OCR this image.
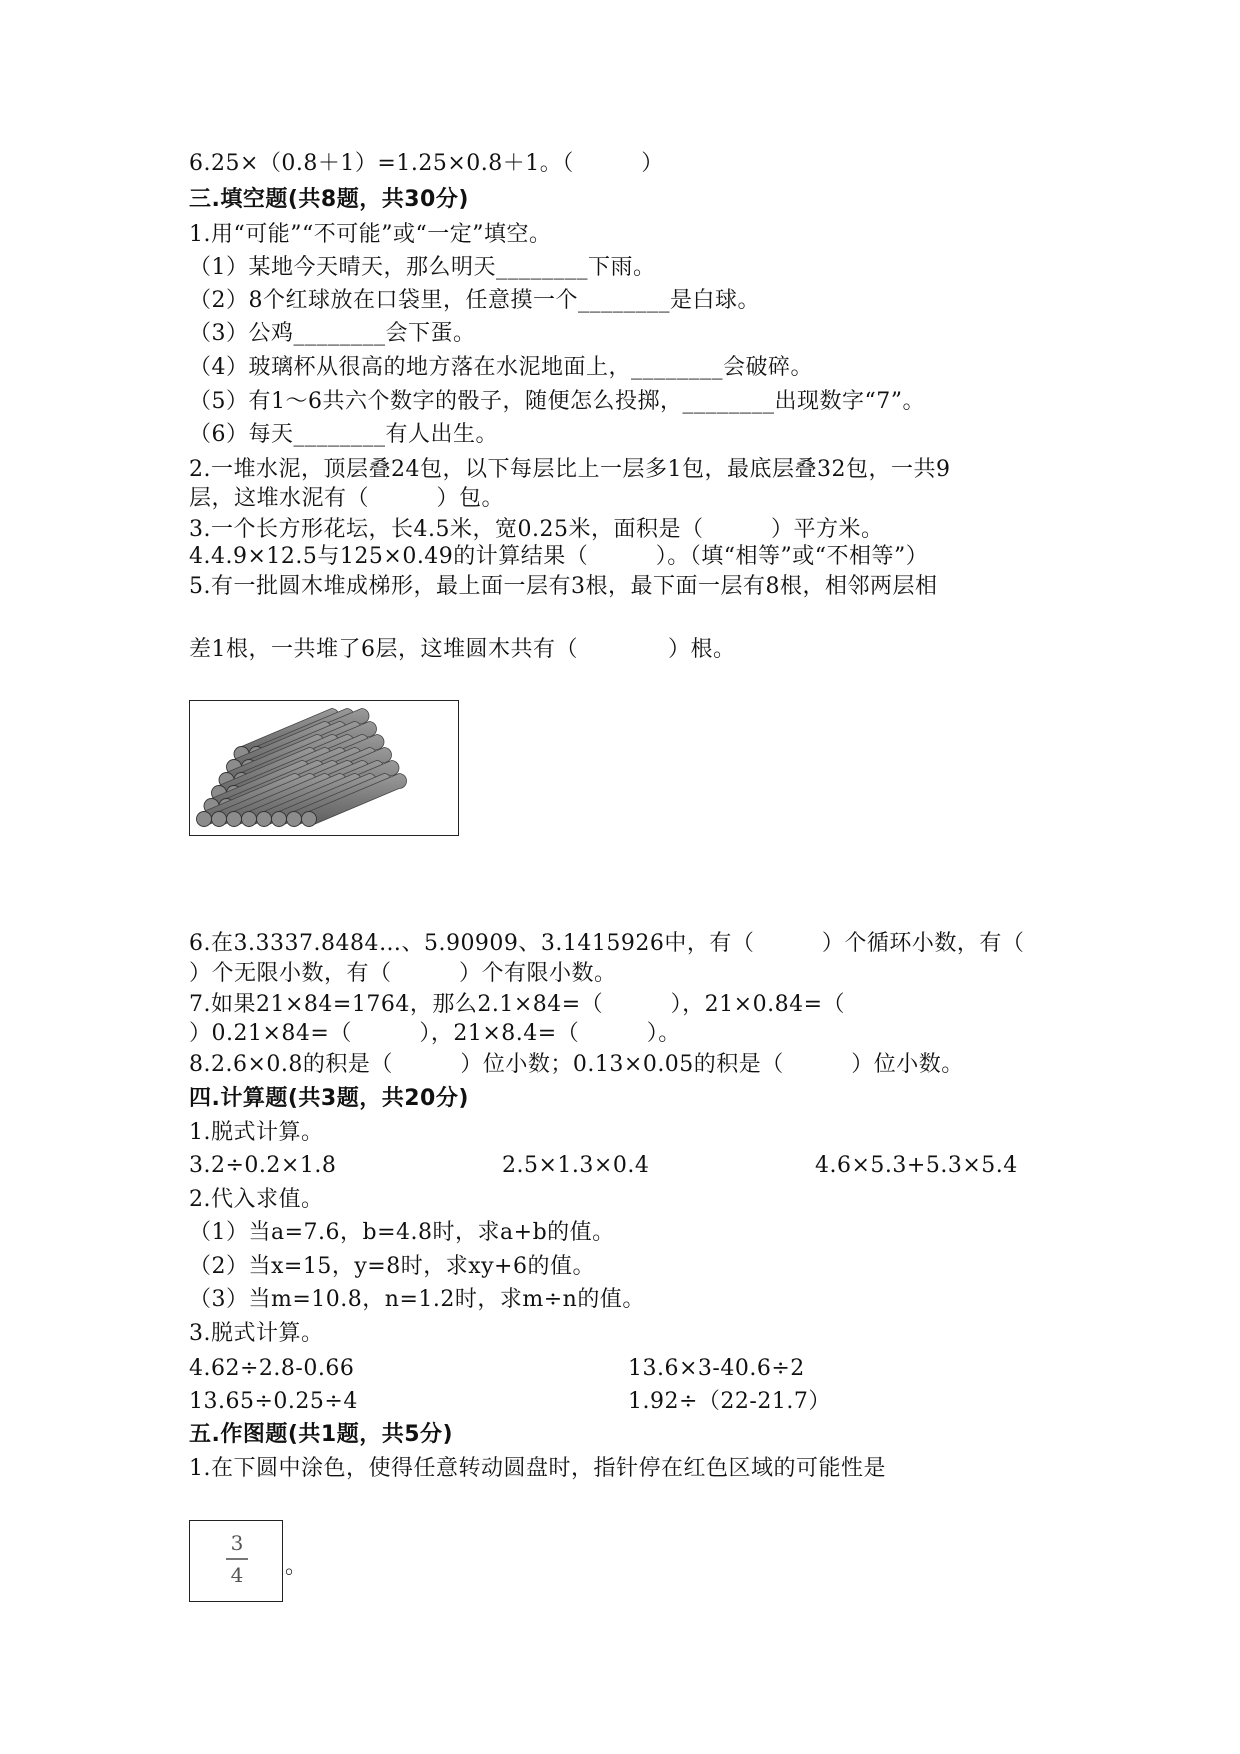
6.25×（0.8＋1）=1.25×0.8＋1。（　　　）
三.填空题(共8题，共30分)
1.用“可能”“不可能”或“一定”填空。
（1）某地今天晴天，那么明天________下雨。
（2）8个红球放在口袋里，任意摸一个________是白球。
（3）公鸡________会下蛋。
（4）玻璃杯从很高的地方落在水泥地面上，________会破碎。
（5）有1～6共六个数字的骰子，随便怎么投掷，________出现数字“7”。
（6）每天________有人出生。
2.一堆水泥，顶层叠24包，以下每层比上一层多1包，最底层叠32包，一共9
层，这堆水泥有（　　　）包。
3.一个长方形花坛，长4.5米，宽0.25米，面积是（　　　）平方米。
4.4.9×12.5与125×0.49的计算结果（　　　）。（填“相等”或“不相等”）
5.有一批圆木堆成梯形，最上面一层有3根，最下面一层有8根，相邻两层相
差1根，一共堆了6层，这堆圆木共有（　　　　）根。
6.在3.3337.8484…、5.90909、3.1415926中，有（　　　）个循环小数，有（
）个无限小数，有（　　　）个有限小数。
7.如果21×84=1764，那么2.1×84=（　　　），21×0.84=（
）0.21×84=（　　　），21×8.4=（　　　）。
8.2.6×0.8的积是（　　　）位小数；0.13×0.05的积是（　　　）位小数。
四.计算题(共3题，共20分)
1.脱式计算。
3.2÷0.2×1.8	2.5×1.3×0.4	4.6×5.3+5.3×5.4
2.代入求值。
（1）当a=7.6，b=4.8时，求a+b的值。
（2）当x=15，y=8时，求xy+6的值。
（3）当m=10.8，n=1.2时，求m÷n的值。
3.脱式计算。
4.62÷2.8-0.66	13.6×3-40.6÷2
13.65÷0.25÷4	1.92÷（22-21.7）
五.作图题(共1题，共5分)
1.在下圆中涂色，使得任意转动圆盘时，指针停在红色区域的可能性是
3
4	。
